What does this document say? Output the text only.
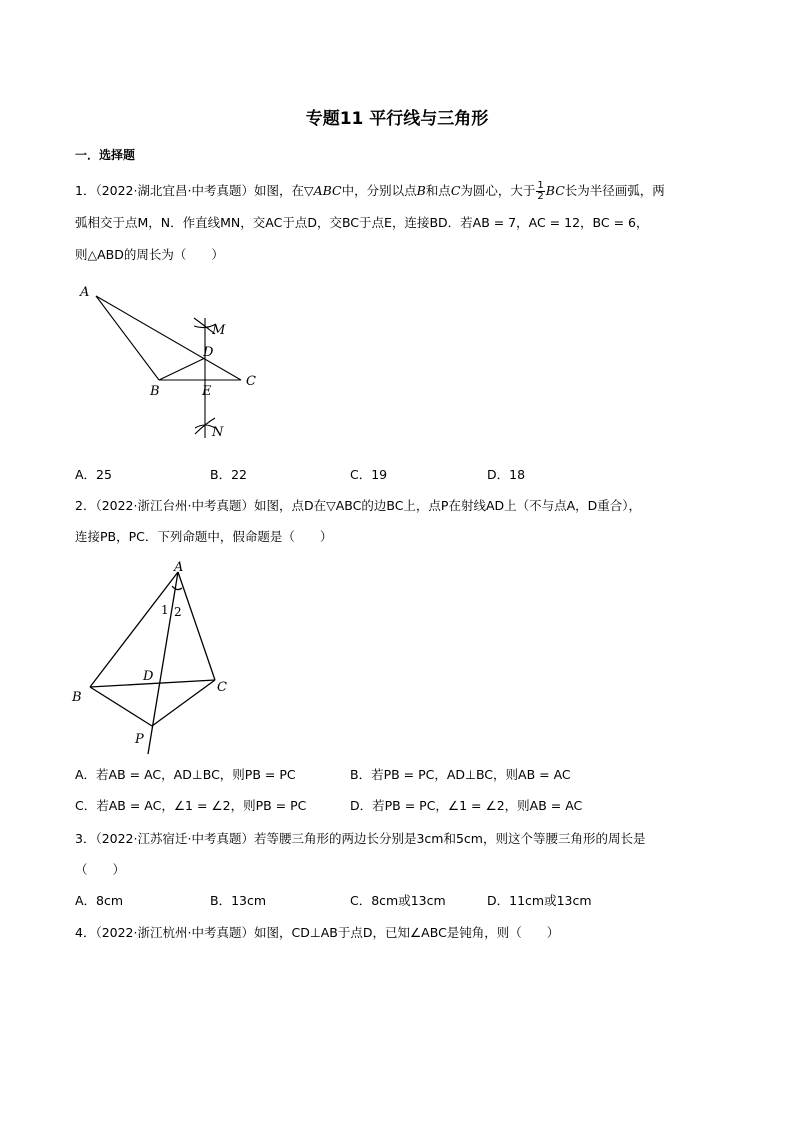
专题11 平行线与三角形
一．选择题
1．（2022·湖北宜昌·中考真题）如图，在▽ABC中，分别以点B和点C为圆心，大于 $\frac{1}{2}$ BC长为半径画弧，两
弧相交于点M，N．作直线MN，交AC于点D，交BC于点E，连接BD．若AB = 7，AC = 12，BC = 6，
则△ABD的周长为（　　）
A
B
C
D
E
M
N
A．25	B．22	C．19	D．18
2．（2022·浙江台州·中考真题）如图，点D在▽ABC的边BC上，点P在射线AD上（不与点A，D重合），
连接PB，PC．下列命题中，假命题是（　　）
A
B
C
D
P
1 2
A．若AB = AC，AD⊥BC，则PB = PC	B．若PB = PC，AD⊥BC，则AB = AC
C．若AB = AC，∠1 = ∠2，则PB = PC	D．若PB = PC，∠1 = ∠2，则AB = AC
3．（2022·江苏宿迁·中考真题）若等腰三角形的两边长分别是3cm和5cm，则这个等腰三角形的周长是
（　　）
A．8cm	B．13cm	C．8cm或13cm	D．11cm或13cm
4．（2022·浙江杭州·中考真题）如图，CD⊥AB于点D，已知∠ABC是钝角，则（　　）
